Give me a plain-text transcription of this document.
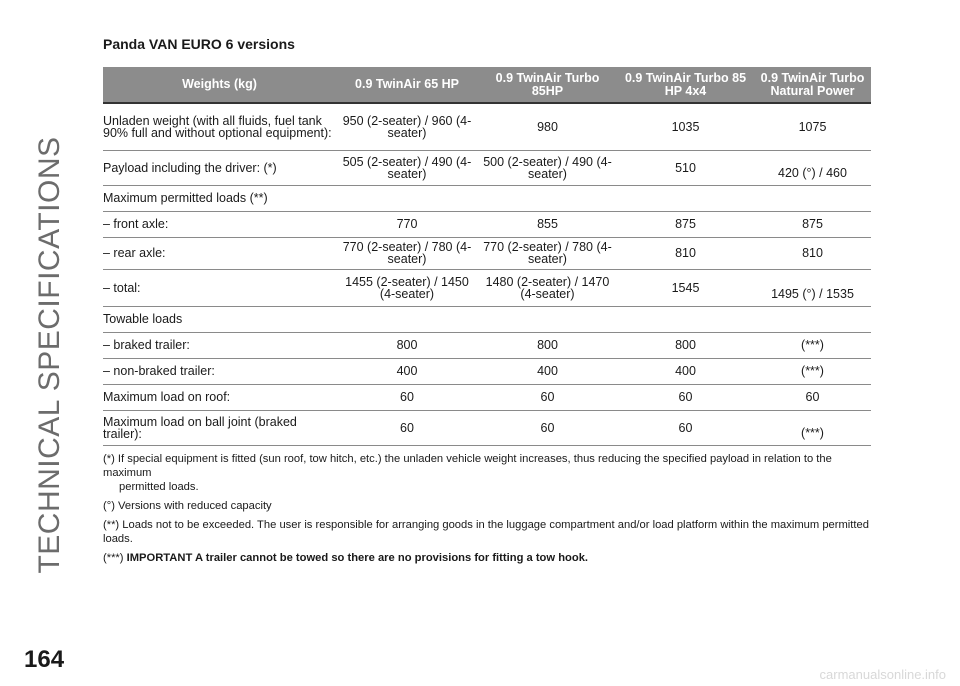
TECHNICAL SPECIFICATIONS
Panda VAN EURO 6 versions
Weights (kg)	0.9 TwinAir 65 HP	0.9 TwinAir Turbo 85HP	0.9 TwinAir Turbo 85 HP 4x4	0.9 TwinAir Turbo Natural Power
Unladen weight (with all fluids, fuel tank 90% full and without optional equipment):	950 (2-seater) / 960 (4-seater)	980	1035	1075
Payload including the driver: (*)	505 (2-seater) / 490 (4-seater)	500 (2-seater) / 490 (4-seater)	510	420 (°) / 460
Maximum permitted loads (**)				
– front axle:	770	855	875	875
– rear axle:	770 (2-seater) / 780 (4-seater)	770 (2-seater) / 780 (4-seater)	810	810
– total:	1455 (2-seater) / 1450 (4-seater)	1480 (2-seater) / 1470 (4-seater)	1545	1495 (°) / 1535
Towable loads				
– braked trailer:	800	800	800	(***)
– non-braked trailer:	400	400	400	(***)
Maximum load on roof:	60	60	60	60
Maximum load on ball joint (braked trailer):	60	60	60	(***)

(*) If special equipment is fitted (sun roof, tow hitch, etc.) the unladen vehicle weight increases, thus reducing the specified payload in relation to the maximum
permitted loads.

(°) Versions with reduced capacity

(**) Loads not to be exceeded. The user is responsible for arranging goods in the luggage compartment and/or load platform within the maximum permitted loads.

(***) IMPORTANT A trailer cannot be towed so there are no provisions for fitting a tow hook.

164
carmanualsonline.info
